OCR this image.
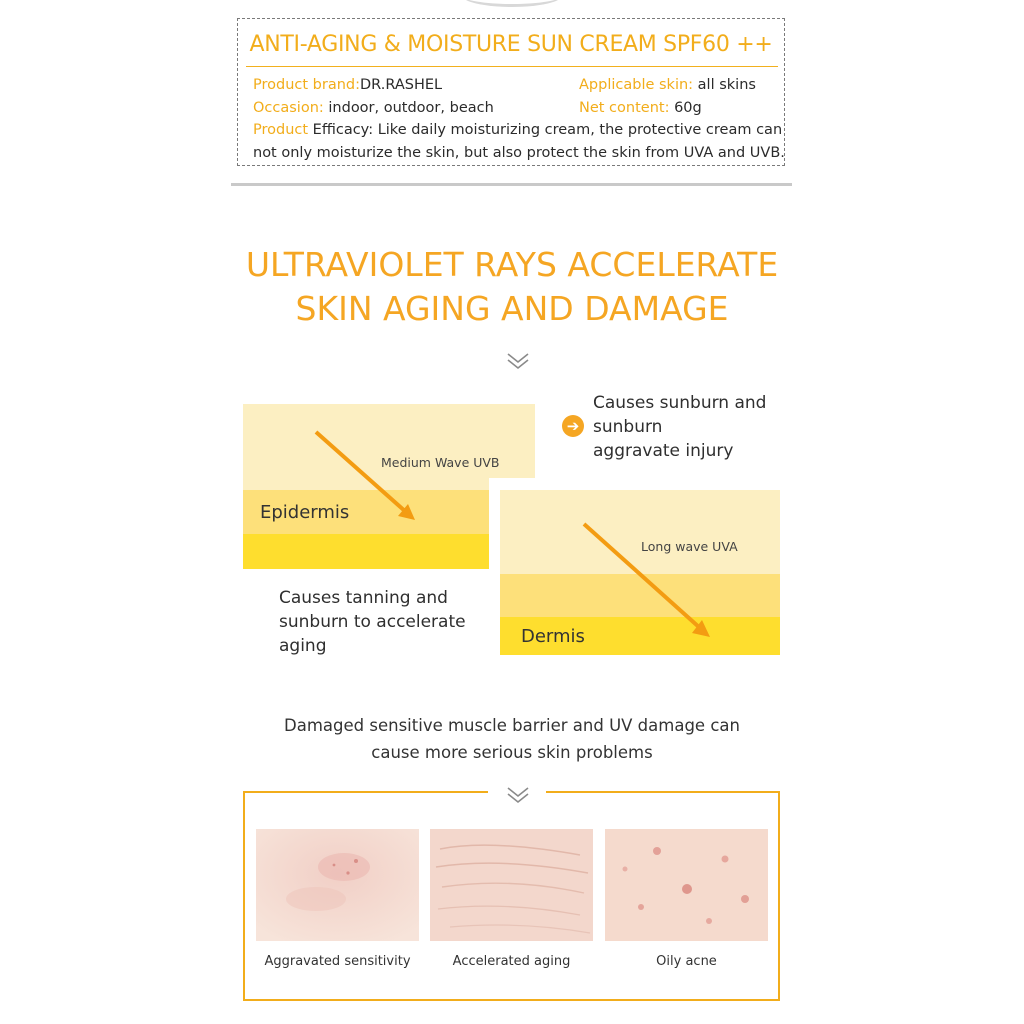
ANTI-AGING & MOISTURE SUN CREAM SPF60 ++
Product brand:DR.RASHEL	Applicable skin: all skins
Occasion: indoor, outdoor, beach	Net content: 60g
Product Efficacy: Like daily moisturizing cream, the protective cream can
not only moisturize the skin, but also protect the skin from UVA and UVB.
ULTRAVIOLET RAYS ACCELERATE
SKIN AGING AND DAMAGE
Medium Wave UVB
Epidermis
➔
Causes sunburn and
sunburn
aggravate injury
Long wave UVA
Dermis
Causes tanning and
sunburn to accelerate
aging
Damaged sensitive muscle barrier and UV damage can
cause more serious skin problems
Aggravated sensitivity	Accelerated aging	Oily acne
